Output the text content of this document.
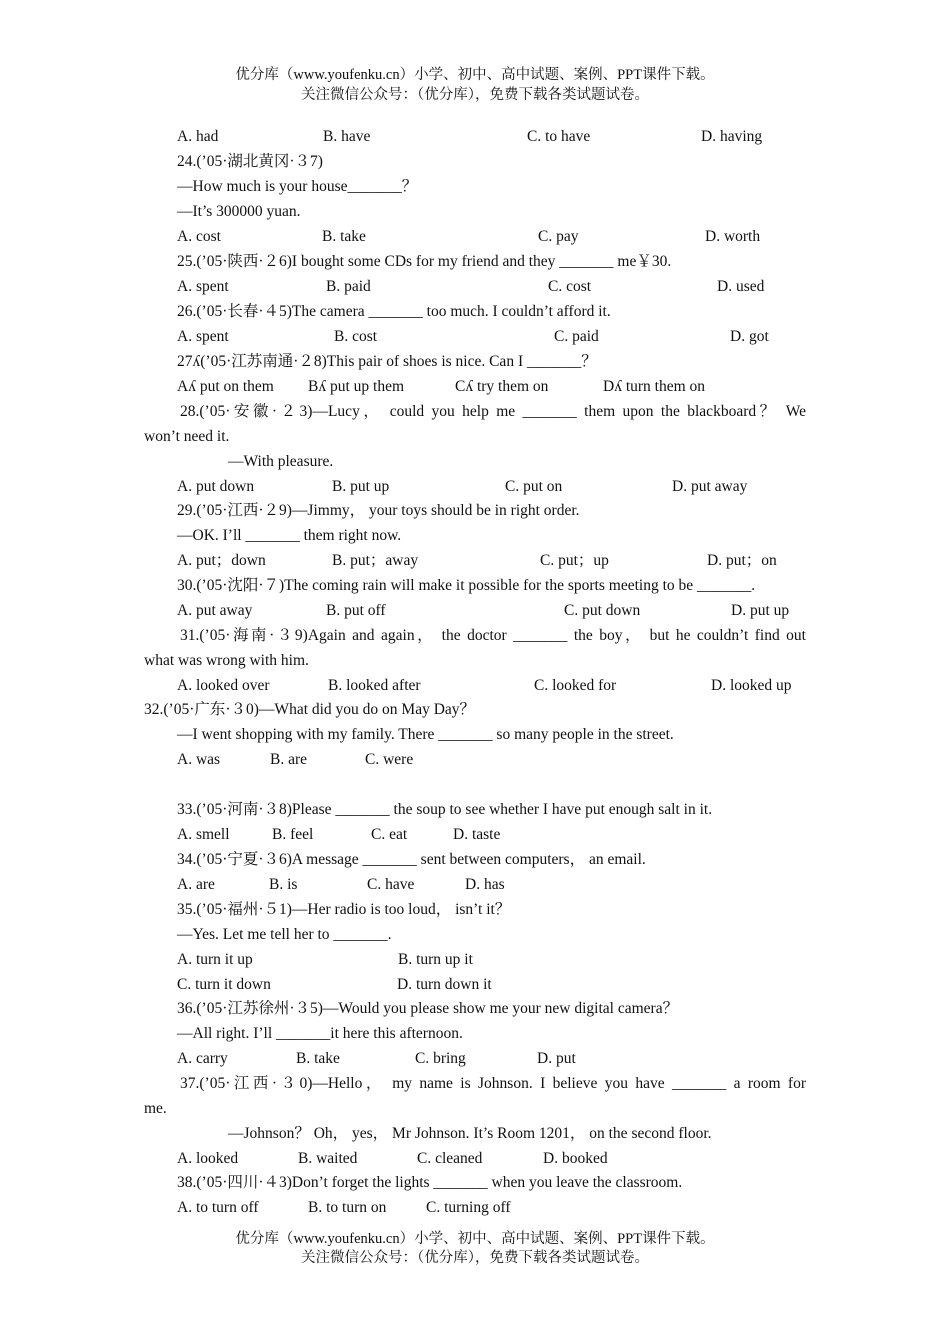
优分库（www.youfenku.cn）小学、初中、高中试题、案例、PPT课件下载。
关注微信公众号：（优分库），免费下载各类试题试卷。
A. had	B. have	C. to have	D. having
24.(’05·湖北黄冈·３7)
—How much is your house_______？
—It’s 300000 yuan.
A. cost	B. take	C. pay	D. worth
25.(’05·陕西·２6)I bought some CDs for my friend and they _______ me￥30.
A. spent	B. paid	C. cost	D. used
26.(’05·长春·４5)The camera _______ too much. I couldn’t afford it.
A. spent	B. cost	C. paid	D. got
27ʎ(’05·江苏南通·２8)This pair of shoes is nice. Can I _______？
Aʎ put on them Bʎ put up them	Cʎ try them on	Dʎ turn them on
28.(’05·安徽·２3)—Lucy， could you help me _______ them upon the blackboard？ We
won’t need it.
—With pleasure.
A. put down	B. put up	C. put on	D. put away
29.(’05·江西·２9)—Jimmy， your toys should be in right order.
—OK. I’ll _______ them right now.
A. put；down	B. put；away	C. put；up	D. put；on
30.(’05·沈阳·７)The coming rain will make it possible for the sports meeting to be _______.
A. put away	B. put off	C. put down	D. put up
31.(’05·海南·３9)Again and again， the doctor _______ the boy， but he couldn’t find out
what was wrong with him.
A. looked over	B. looked after	C. looked for	D. looked up
32.(’05·广东·３0)—What did you do on May Day？
—I went shopping with my family. There _______ so many people in the street.
A. was	B. are	C. were
33.(’05·河南·３8)Please _______ the soup to see whether I have put enough salt in it.
A. smell	B. feel	C. eat	D. taste
34.(’05·宁夏·３6)A message _______ sent between computers， an email.
A. are	B. is	C. have	D. has
35.(’05·福州·５1)—Her radio is too loud， isn’t it？
—Yes. Let me tell her to _______.
A. turn it up	B. turn up it
C. turn it down	D. turn down it
36.(’05·江苏徐州·３5)—Would you please show me your new digital camera？
—All right. I’ll _______it here this afternoon.
A. carry	B. take	C. bring	D. put
37.(’05·江西·３0)—Hello， my name is Johnson. I believe you have _______ a room for
me.
—Johnson？ Oh， yes， Mr Johnson. It’s Room 1201， on the second floor.
A. looked	B. waited	C. cleaned	D. booked
38.(’05·四川·４3)Don’t forget the lights _______ when you leave the classroom.
A. to turn off	B. to turn on	C. turning off
优分库（www.youfenku.cn）小学、初中、高中试题、案例、PPT课件下载。
关注微信公众号：（优分库），免费下载各类试题试卷。
